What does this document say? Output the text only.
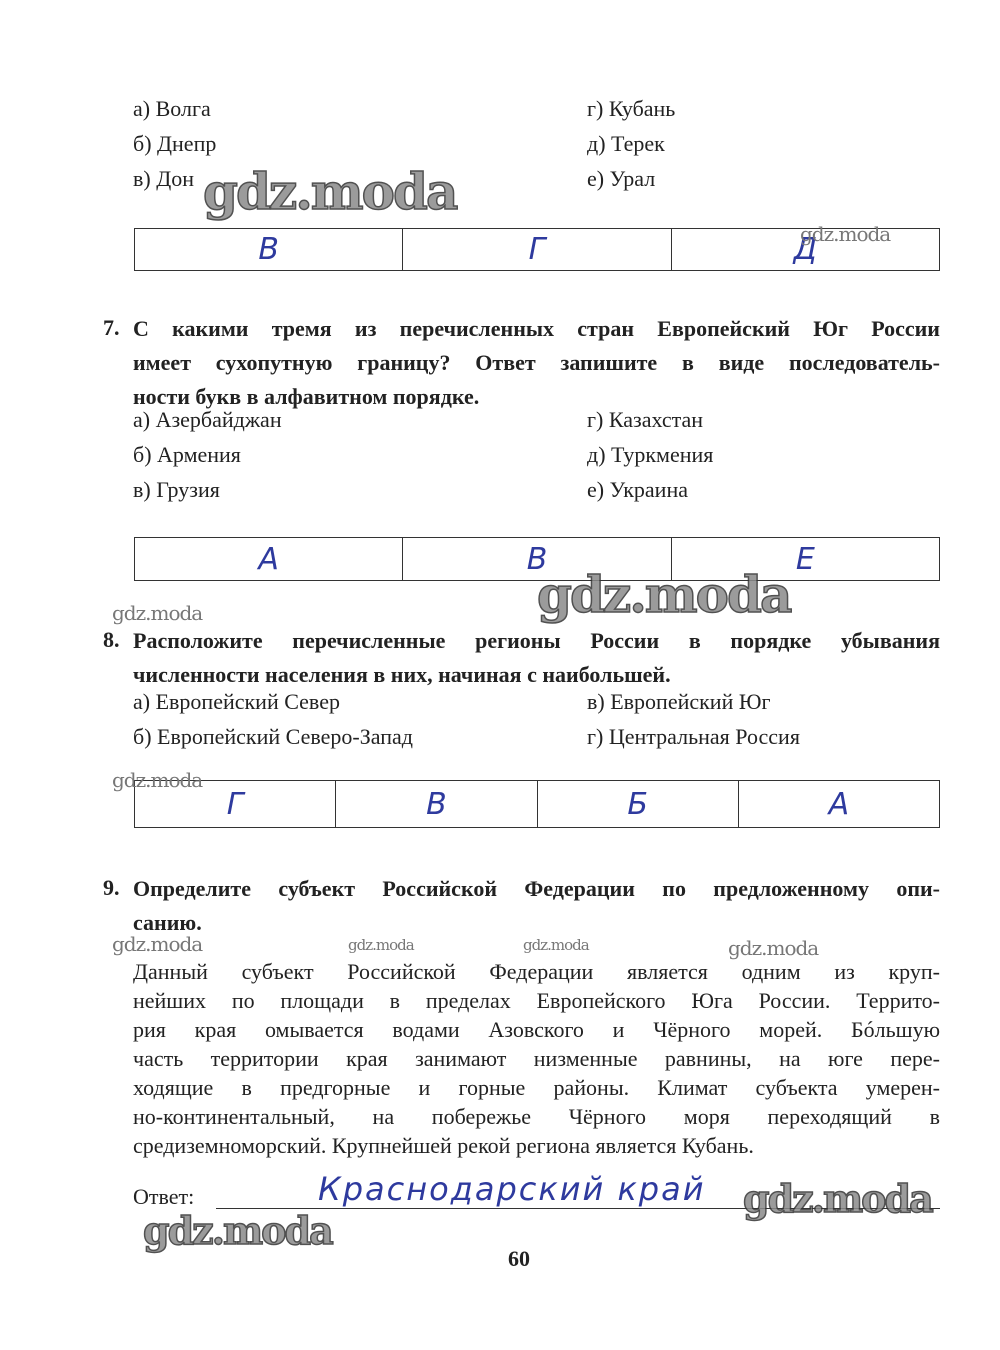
а) Волга
б) Днепр
в) Дон
г) Кубань
д) Терек
е) Урал
В	Г	Д
7. С какими тремя из перечисленных стран Европейский Юг России
имеет сухопутную границу? Ответ запишите в виде последователь-
ности букв в алфавитном порядке.
а) Азербайджан
б) Армения
в) Грузия
г) Казахстан
д) Туркмения
е) Украина
А	В	Е
8. Расположите перечисленные регионы России в порядке убывания
численности населения в них, начиная с наибольшей.
а) Европейский Север
б) Европейский Северо-Запад
в) Европейский Юг
г) Центральная Россия
Г	В	Б	А
9. Определите субъект Российской Федерации по предложенному опи-
санию.
Данный субъект Российской Федерации является одним из круп-
нейших по площади в пределах Европейского Юга России. Террито-
рия края омывается водами Азовского и Чёрного морей. Бóльшую
часть территории края занимают низменные равнины, на юге пере-
ходящие в предгорные и горные районы. Климат субъекта умерен-
но-континентальный, на побережье Чёрного моря переходящий в
средиземноморский. Крупнейшей рекой региона является Кубань.
Ответ:	Краснодарский край
60
gdz.moda
gdz.moda
gdz.moda
gdz.moda
gdz.moda
gdz.moda	gdz.moda	gdz.moda	gdz.moda
gdz.moda
gdz.moda
